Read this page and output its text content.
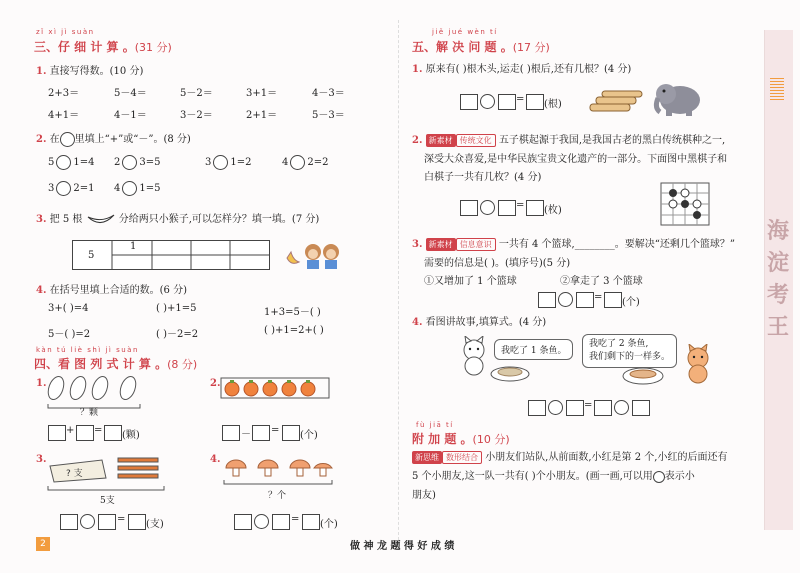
zǐ xì jì suàn
三、仔 细 计 算 。(31 分)
1. 直接写得数。(10 分)
2. 在 里填上“+”或“－”。(8 分)
3. 把 5 根	分给两只小猴子,可以怎样分？填一填。(7 分)
5
1
4. 在括号里填上合适的数。(6 分)
kàn tú liè shì jì suàn
四、看 图 列 式 计 算 。(8 分)
1.
？颗
+ = (颗)
2.
－ = (个)
3.
? 支
5支
= (支)
4.
？个
= (个)
2
jiě jué wèn tí
五、解 决 问 题 。(17 分)
1. 原来有( )根木头,运走( )根后,还有几根？(4 分)
= (根)
2. 新素材 传统文化 五子棋起源于我国,是我国古老的黑白传统棋种之一,
深受大众喜爱,是中华民族宝贵文化遗产的一部分。下面图中黑棋子和
白棋子一共有几枚？(4 分)
= (枚)
3. 新素材 信息意识 一共有 4 个篮球,________。要解决“还剩几个篮球？”
需要的信息是( )。(填序号)(5 分)
①又增加了 1 个篮球	②拿走了 3 个篮球
= (个)
4. 看图讲故事,填算式。(4 分)
我吃了 1 条鱼。
我吃了 2 条鱼,
我们剩下的一样多。
=
fù jiā tí
附 加 题 。(10 分)
新思维 数形结合 小朋友们站队,从前面数,小红是第 2 个,小红的后面还有
5 个小朋友,这一队一共有( )个小朋友。(画一画,可以用 表示小
朋友)
海
淀
考
王
做 神 龙 题 得 好 成 绩
2+3＝	5－4＝	5－2＝	3+1＝	4－3＝
4+1＝	4－1＝	3－2＝	2+1＝	5－3＝
5 1=4 2 3=5	3 1=2	4 2=2
3 2=1 4 1=5
3+( )=4	( )+1=5	1+3=5－( )
5－( )=2	( )－2=2	( )+1=2+( )
